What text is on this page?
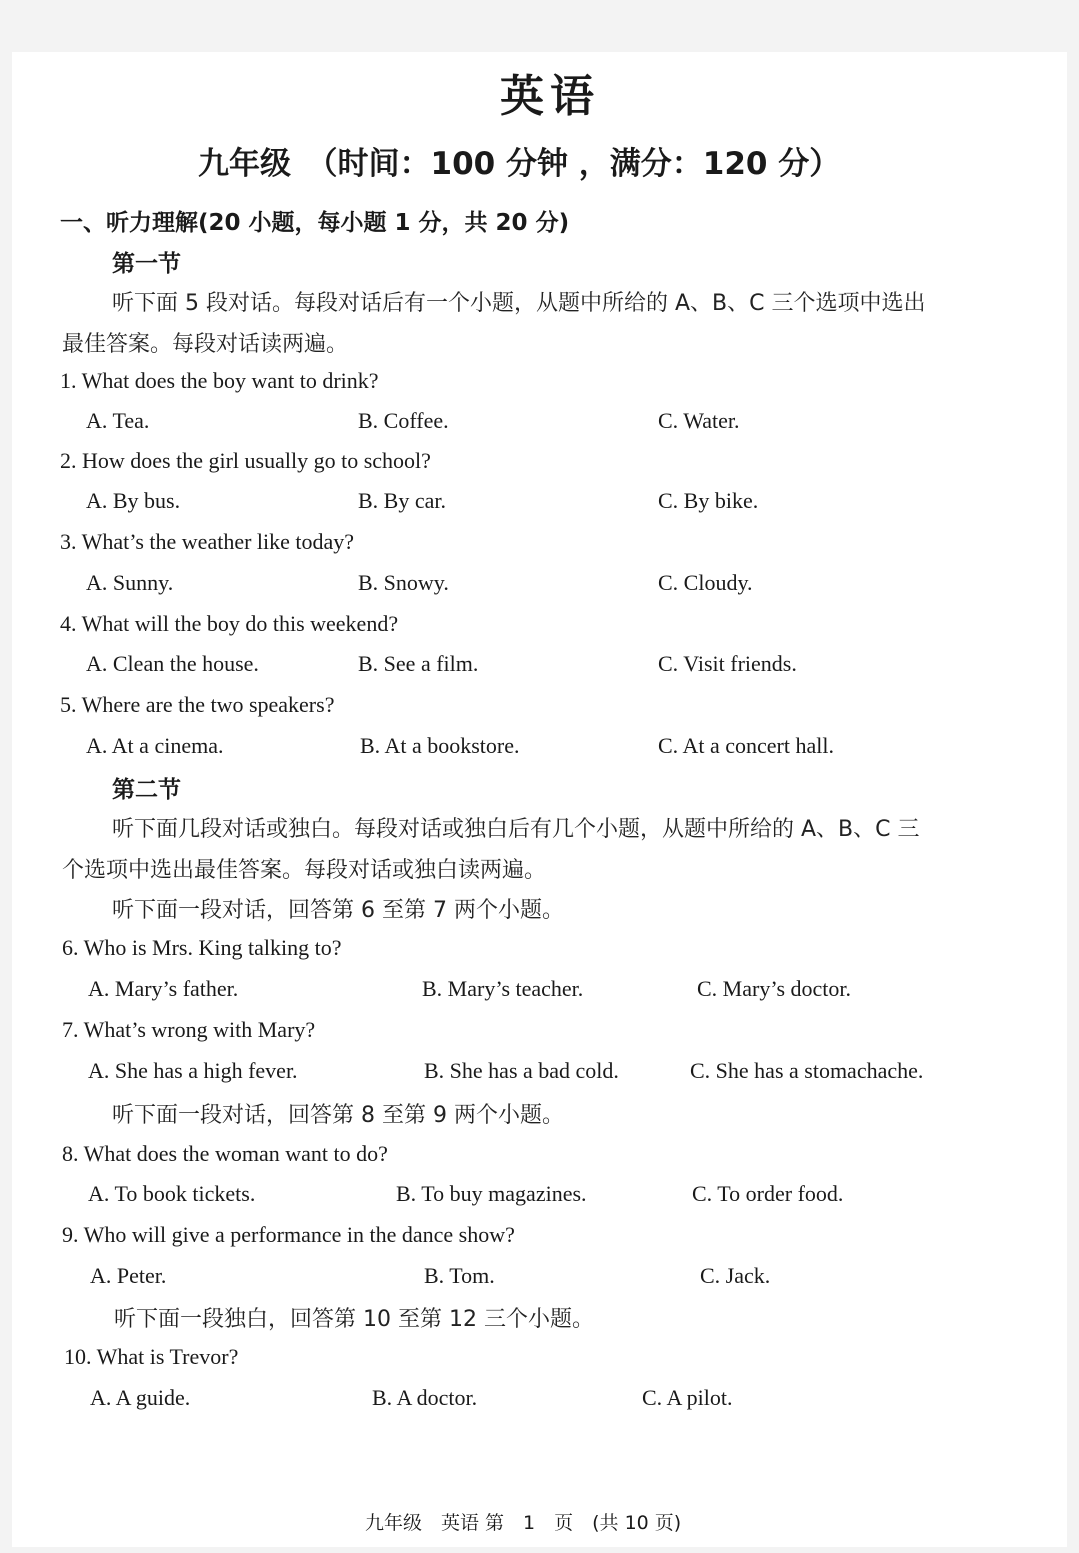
英语
九年级　（时间：100 分钟 ，满分：120 分）
一、听力理解(20 小题，每小题 1 分，共 20 分)
第一节
听下面 5 段对话。每段对话后有一个小题，从题中所给的 A、B、C 三个选项中选出
最佳答案。每段对话读两遍。
1. What does the boy want to drink?
A. Tea.	B. Coffee.	C. Water.
2. How does the girl usually go to school?
A. By bus.	B. By car.	C. By bike.
3. What’s the weather like today?
A. Sunny.	B. Snowy.	C. Cloudy.
4. What will the boy do this weekend?
A. Clean the house.	B. See a film.	C. Visit friends.
5. Where are the two speakers?
A. At a cinema.	B. At a bookstore.	C. At a concert hall.
第二节
听下面几段对话或独白。每段对话或独白后有几个小题，从题中所给的 A、B、C 三
个选项中选出最佳答案。每段对话或独白读两遍。
听下面一段对话，回答第 6 至第 7 两个小题。
6. Who is Mrs. King talking to?
A. Mary’s father.	B. Mary’s teacher.	C. Mary’s doctor.
7. What’s wrong with Mary?
A. She has a high fever.	B. She has a bad cold.	C. She has a stomachache.
听下面一段对话，回答第 8 至第 9 两个小题。
8. What does the woman want to do?
A. To book tickets.	B. To buy magazines.	C. To order food.
9. Who will give a performance in the dance show?
A. Peter.	B. Tom.	C. Jack.
听下面一段独白，回答第 10 至第 12 三个小题。
10. What is Trevor?
A. A guide.	B. A doctor.	C. A pilot.
九年级　英语 第　1　页　(共 10 页)
